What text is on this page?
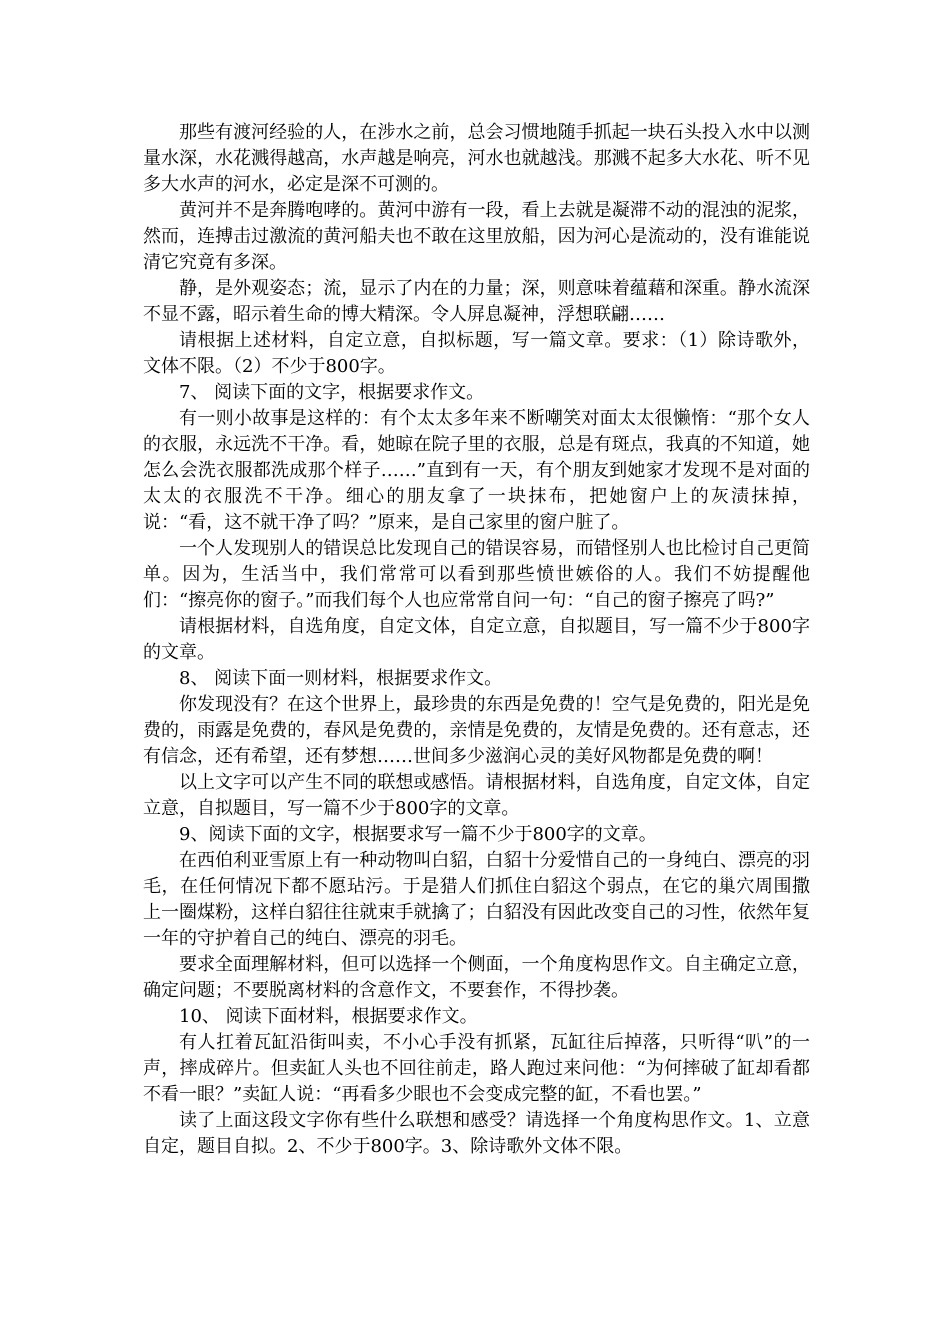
那些有渡河经验的人，在涉水之前，总会习惯地随手抓起一块石头投入水中以测量水深，水花溅得越高，水声越是响亮，河水也就越浅。那溅不起多大水花、听不见多大水声的河水，必定是深不可测的。

黄河并不是奔腾咆哮的。黄河中游有一段，看上去就是凝滞不动的混浊的泥浆，然而，连搏击过激流的黄河船夫也不敢在这里放船，因为河心是流动的，没有谁能说清它究竟有多深。

静，是外观姿态；流，显示了内在的力量；深，则意味着蕴藉和深重。静水流深不显不露，昭示着生命的博大精深。令人屏息凝神，浮想联翩……

请根据上述材料，自定立意，自拟标题，写一篇文章。要求：（1）除诗歌外，文体不限。（2）不少于800字。

7、 阅读下面的文字，根据要求作文。

有一则小故事是这样的：有个太太多年来不断嘲笑对面太太很懒惰：“那个女人的衣服，永远洗不干净。看，她晾在院子里的衣服，总是有斑点，我真的不知道，她怎么会洗衣服都洗成那个样子……”直到有一天，有个朋友到她家才发现不是对面的太太的衣服洗不干净。细心的朋友拿了一块抹布，把她窗户上的灰渍抹掉，说：“看，这不就干净了吗？”原来，是自己家里的窗户脏了。

一个人发现别人的错误总比发现自己的错误容易，而错怪别人也比检讨自己更简单。因为，生活当中，我们常常可以看到那些愤世嫉俗的人。我们不妨提醒他们：“擦亮你的窗子。”而我们每个人也应常常自问一句：“自己的窗子擦亮了吗?”

请根据材料，自选角度，自定文体，自定立意，自拟题目，写一篇不少于800字的文章。

8、 阅读下面一则材料，根据要求作文。

你发现没有？在这个世界上，最珍贵的东西是免费的！空气是免费的，阳光是免费的，雨露是免费的，春风是免费的，亲情是免费的，友情是免费的。还有意志，还有信念，还有希望，还有梦想……世间多少滋润心灵的美好风物都是免费的啊！

以上文字可以产生不同的联想或感悟。请根据材料，自选角度，自定文体，自定立意，自拟题目，写一篇不少于800字的文章。

9、阅读下面的文字，根据要求写一篇不少于800字的文章。

在西伯利亚雪原上有一种动物叫白貂，白貂十分爱惜自己的一身纯白、漂亮的羽毛，在任何情况下都不愿玷污。于是猎人们抓住白貂这个弱点，在它的巢穴周围撒 上一圈煤粉，这样白貂往往就束手就擒了；白貂没有因此改变自己的习性，依然年复一年的守护着自己的纯白、漂亮的羽毛。

要求全面理解材料，但可以选择一个侧面，一个角度构思作文。自主确定立意，确定问题；不要脱离材料的含意作文，不要套作，不得抄袭。

10、 阅读下面材料，根据要求作文。

有人扛着瓦缸沿街叫卖，不小心手没有抓紧，瓦缸往后掉落，只听得“叭”的一声，摔成碎片。但卖缸人头也不回往前走，路人跑过来问他：“为何摔破了缸却看都不看一眼？”卖缸人说：“再看多少眼也不会变成完整的缸，不看也罢。”

读了上面这段文字你有些什么联想和感受？请选择一个角度构思作文。1、立意自定，题目自拟。2、不少于800字。3、除诗歌外文体不限。
